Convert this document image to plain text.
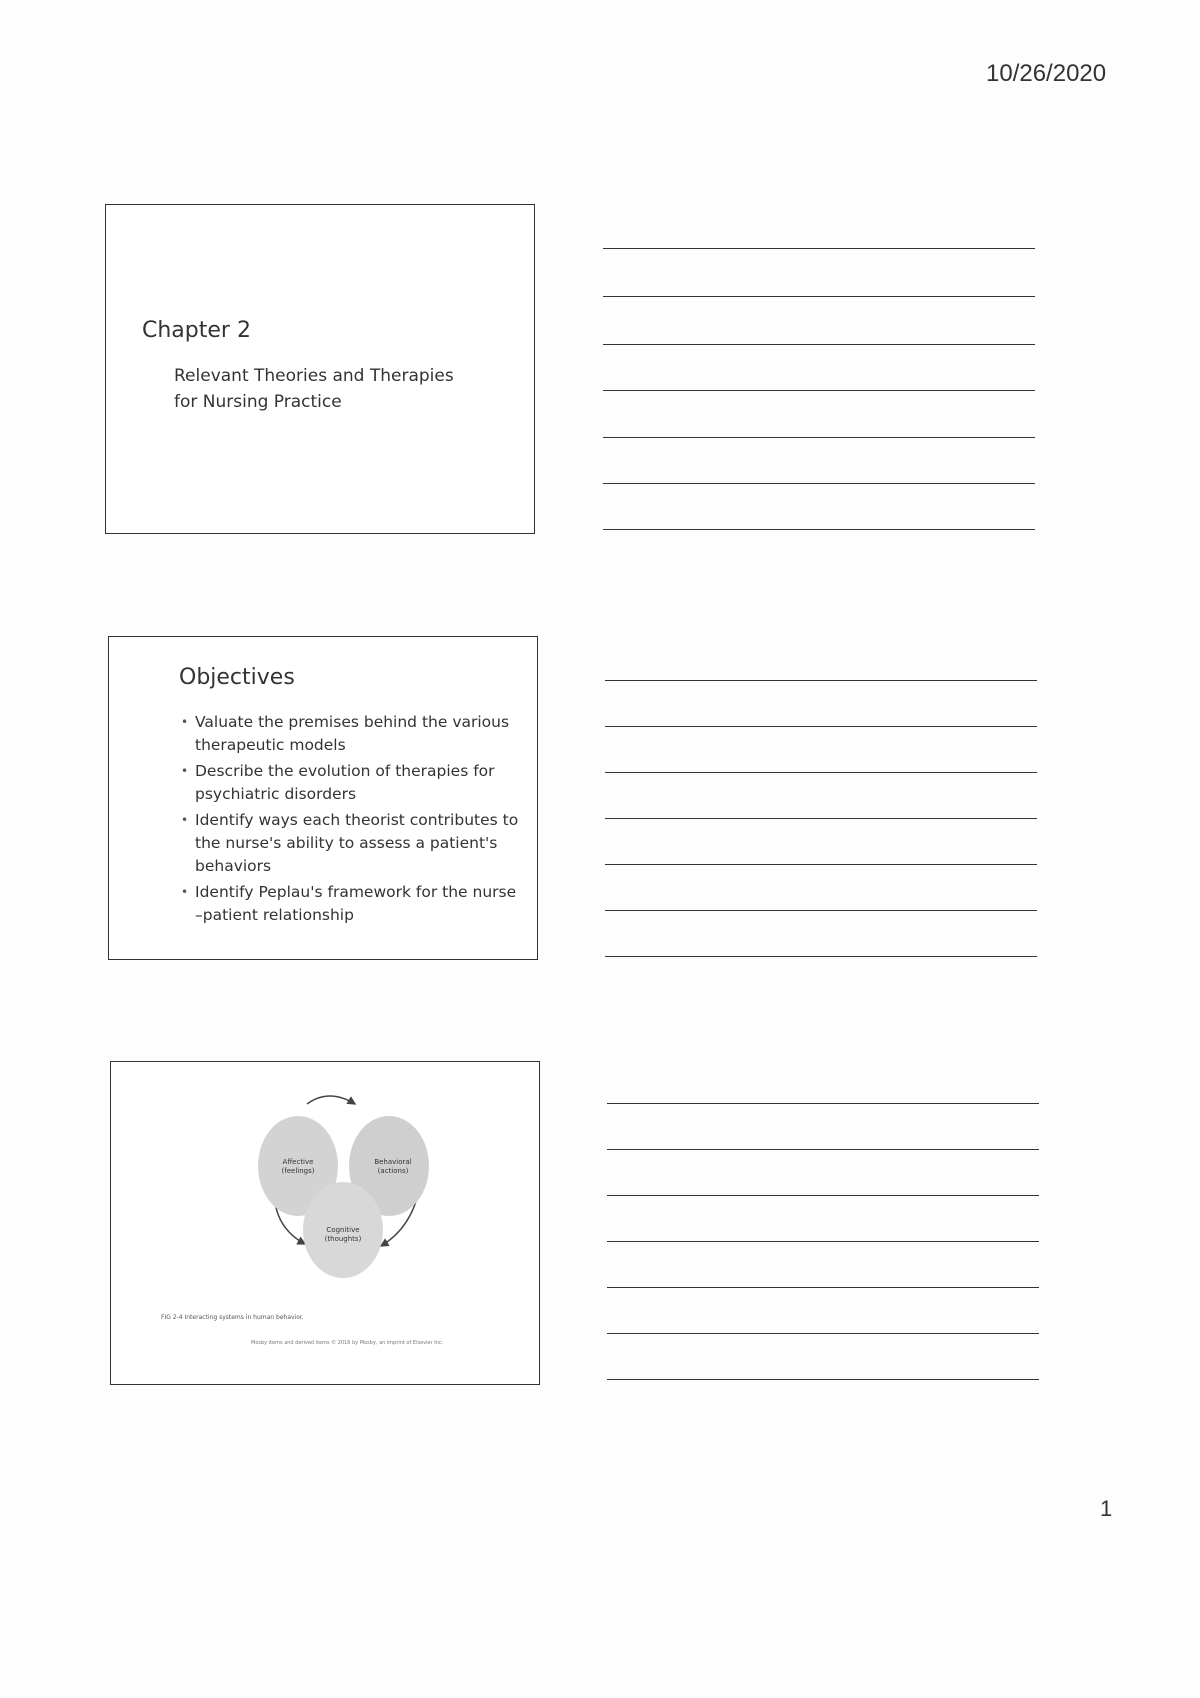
10/26/2020
Chapter 2
Relevant Theories and Therapies
for Nursing Practice
Objectives
• Valuate the premises behind the various therapeutic models
• Describe the evolution of therapies for psychiatric disorders
• Identify ways each theorist contributes to the nurse's ability to assess a patient's behaviors
• Identify Peplau's framework for the nurse –patient relationship
Affective
(feelings)
Behavioral
(actions)
Cognitive
(thoughts)
FIG 2-4 Interacting systems in human behavior.
Mosby items and derived items © 2016 by Mosby, an imprint of Elsevier Inc.
1
